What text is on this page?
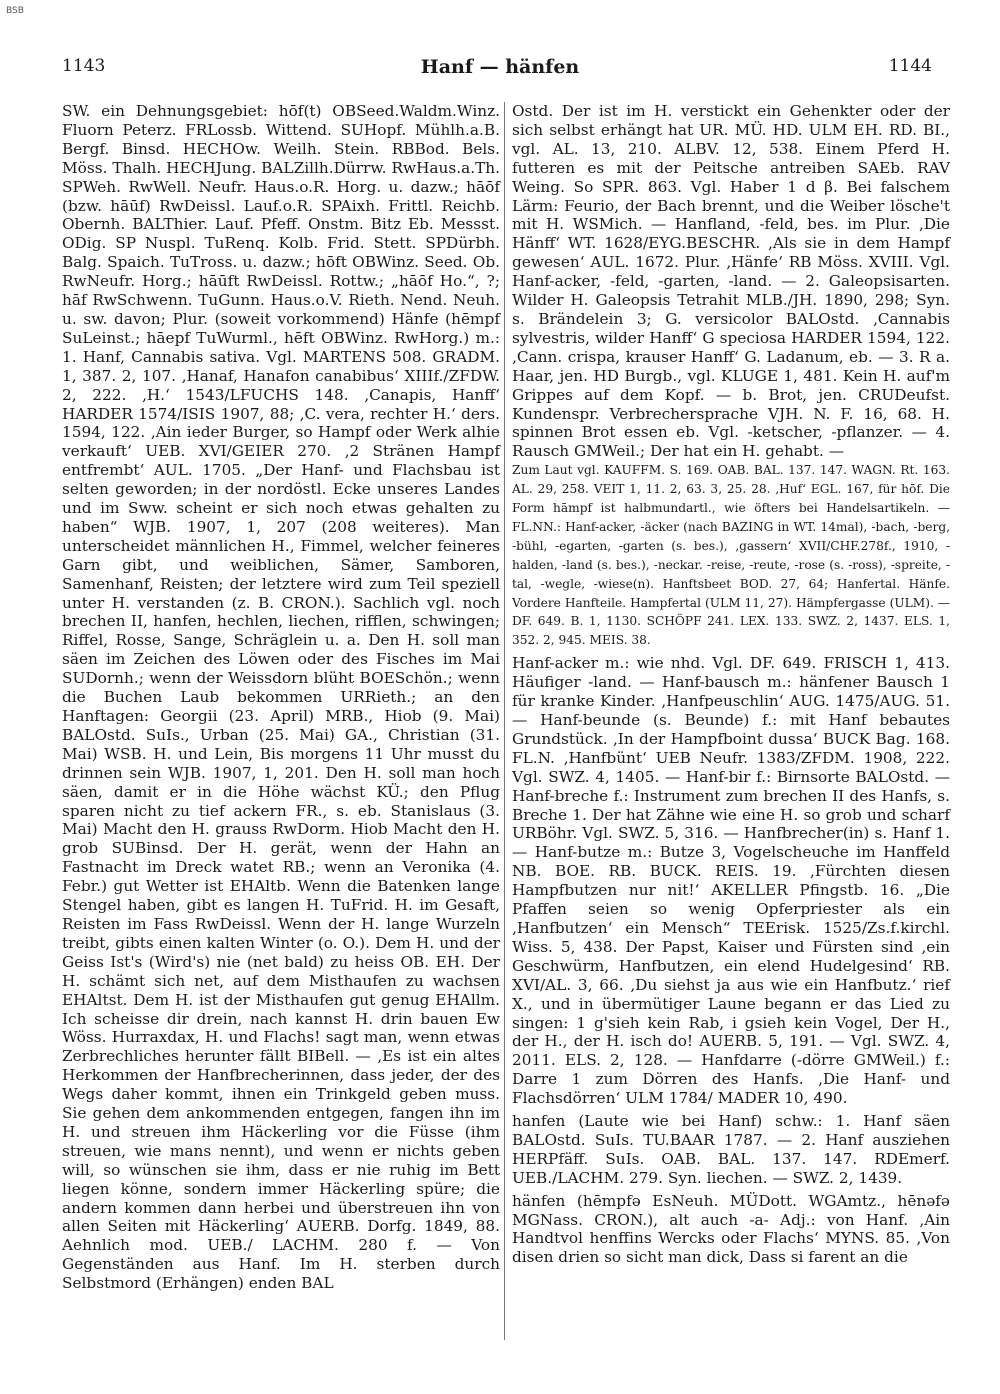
BSB
1143	Hanf — hänfen	1144

SW. ein Dehnungsgebiet: hōf(t) OBSeed.Waldm.Winz. Fluorn Peterz. FRLossb. Wittend. SUHopf. Mühlh.a.B. Bergf. Binsd. HECHOw. Weilh. Stein. RBBod. Bels. Möss. Thalh. HECHJung. BALZillh.Dürrw. RwHaus.a.Th. SPWeh. RwWell. Neufr. Haus.o.R. Horg. u. dazw.; hāōf (bzw. hāūf) RwDeissl. Lauf.o.R. SPAixh. Frittl. Reichb. Obernh. BALThier. Lauf. Pfeff. Onstm. Bitz Eb. Messst. ODig. SP Nuspl. TuRenq. Kolb. Frid. Stett. SPDürbh. Balg. Spaich. TuTross. u. dazw.; hōft OBWinz. Seed. Ob. RwNeufr. Horg.; hāūft RwDeissl. Rottw.; „hāōf Ho.“, ?; hāf RwSchwenn. TuGunn. Haus.o.V. Rieth. Nend. Neuh. u. sw. davon; Plur. (soweit vorkommend) Hänfe (hēmpf SuLeinst.; hāepf TuWurml., hēft OBWinz. RwHorg.) m.: 1. Hanf, Cannabis sativa. Vgl. MARTENS 508. GRADM. 1, 387. 2, 107. ‚Hanaf, Hanafon canabibus‘ XIIIf./ZFDW. 2, 222. ‚H.‘ 1543/LFUCHS 148. ‚Canapis, Hanff‘ HARDER 1574/ISIS 1907, 88; ‚C. vera, rechter H.‘ ders. 1594, 122. ‚Ain ieder Burger, so Hampf oder Werk alhie verkauft‘ UEB. XVI/GEIER 270. ‚2 Stränen Hampf entfrembt‘ AUL. 1705. „Der Hanf- und Flachsbau ist selten geworden; in der nordöstl. Ecke unseres Landes und im Sww. scheint er sich noch etwas gehalten zu haben“ WJB. 1907, 1, 207 (208 weiteres). Man unterscheidet männlichen H., Fimmel, welcher feineres Garn gibt, und weiblichen, Sämer, Samboren, Samenhanf, Reisten; der letztere wird zum Teil speziell unter H. verstanden (z. B. CRON.). Sachlich vgl. noch brechen II, hanfen, hechlen, liechen, rifflen, schwingen; Riffel, Rosse, Sange, Schräglein u. a. Den H. soll man säen im Zeichen des Löwen oder des Fisches im Mai SUDornh.; wenn der Weissdorn blüht BOESchön.; wenn die Buchen Laub bekommen URRieth.; an den Hanftagen: Georgii (23. April) MRB., Hiob (9. Mai) BALOstd. SuIs., Urban (25. Mai) GA., Christian (31. Mai) WSB. H. und Lein, Bis morgens 11 Uhr musst du drinnen sein WJB. 1907, 1, 201. Den H. soll man hoch säen, damit er in die Höhe wächst KÜ.; den Pflug sparen nicht zu tief ackern FR., s. eb. Stanislaus (3. Mai) Macht den H. grauss RwDorm. Hiob Macht den H. grob SUBinsd. Der H. gerät, wenn der Hahn an Fastnacht im Dreck watet RB.; wenn an Veronika (4. Febr.) gut Wetter ist EHAltb. Wenn die Batenken lange Stengel haben, gibt es langen H. TuFrid. H. im Gesaft, Reisten im Fass RwDeissl. Wenn der H. lange Wurzeln treibt, gibts einen kalten Winter (o. O.). Dem H. und der Geiss Ist's (Wird's) nie (net bald) zu heiss OB. EH. Der H. schämt sich net, auf dem Misthaufen zu wachsen EHAltst. Dem H. ist der Misthaufen gut genug EHAllm. Ich scheisse dir drein, nach kannst H. drin bauen Ew Wöss. Hurraxdax, H. und Flachs! sagt man, wenn etwas Zerbrechliches herunter fällt BIBell. — ‚Es ist ein altes Herkommen der Hanfbrecherinnen, dass jeder, der des Wegs daher kommt, ihnen ein Trinkgeld geben muss. Sie gehen dem ankommenden entgegen, fangen ihn im H. und streuen ihm Häckerling vor die Füsse (ihm streuen, wie mans nennt), und wenn er nichts geben will, so wünschen sie ihm, dass er nie ruhig im Bett liegen könne, sondern immer Häckerling spüre; die andern kommen dann herbei und überstreuen ihn von allen Seiten mit Häckerling‘ AUERB. Dorfg. 1849, 88. Aehnlich mod. UEB./ LACHM. 280 f. — Von Gegenständen aus Hanf. Im H. sterben durch Selbstmord (Erhängen) enden BAL

Ostd. Der ist im H. verstickt ein Gehenkter oder der sich selbst erhängt hat UR. MÜ. HD. ULM EH. RD. BI., vgl. AL. 13, 210. ALBV. 12, 538. Einem Pferd H. futteren es mit der Peitsche antreiben SAEb. RAV Weing. So SPR. 863. Vgl. Haber 1 d β. Bei falschem Lärm: Feurio, der Bach brennt, und die Weiber lösche't mit H. WSMich. — Hanfland, -feld, bes. im Plur. ‚Die Hänff‘ WT. 1628/EYG.BESCHR. ‚Als sie in dem Hampf gewesen‘ AUL. 1672. Plur. ‚Hänfe‘ RB Möss. XVIII. Vgl. Hanf-acker, -feld, -garten, -land. — 2. Galeopsisarten. Wilder H. Galeopsis Tetrahit MLB./JH. 1890, 298; Syn. s. Brändelein 3; G. versicolor BALOstd. ‚Cannabis sylvestris, wilder Hanff‘ G speciosa HARDER 1594, 122. ‚Cann. crispa, krauser Hanff‘ G. Ladanum, eb. — 3. R a. Haar, jen. HD Burgb., vgl. KLUGE 1, 481. Kein H. auf'm Grippes auf dem Kopf. — b. Brot, jen. CRUDeufst. Kundenspr. Verbrechersprache VJH. N. F. 16, 68. H. spinnen Brot essen eb. Vgl. -ketscher, -pflanzer. — 4. Rausch GMWeil.; Der hat ein H. gehabt. —

Zum Laut vgl. KAUFFM. S. 169. OAB. BAL. 137. 147. WAGN. Rt. 163. AL. 29, 258. VEIT 1, 11. 2, 63. 3, 25. 28. ‚Huf‘ EGL. 167, für hōf. Die Form hāmpf ist halbmundartl., wie öfters bei Handelsartikeln. — FL.NN.: Hanf-acker, -äcker (nach BAZING in WT. 14mal), -bach, -berg, -bühl, -egarten, -garten (s. bes.), ‚gassern‘ XVII/CHF.278f., 1910, -halden, -land (s. bes.), -neckar. -reise, -reute, -rose (s. -ross), -spreite, -tal, -wegle, -wiese(n). Hanftsbeet BOD. 27, 64; Hanfertal. Hänfe. Vordere Hanfteile. Hampfertal (ULM 11, 27). Hämpfergasse (ULM). — DF. 649. B. 1, 1130. SCHÖPF 241. LEX. 133. SWZ. 2, 1437. ELS. 1, 352. 2, 945. MEIS. 38.

Hanf-acker m.: wie nhd. Vgl. DF. 649. FRISCH 1, 413. Häufiger -land. — Hanf-bausch m.: hänfener Bausch 1 für kranke Kinder. ‚Hanfpeuschlin‘ AUG. 1475/AUG. 51. — Hanf-beunde (s. Beunde) f.: mit Hanf bebautes Grundstück. ‚In der Hampfboint dussa‘ BUCK Bag. 168. FL.N. ‚Hanfbünt‘ UEB Neufr. 1383/ZFDM. 1908, 222. Vgl. SWZ. 4, 1405. — Hanf-bir f.: Birnsorte BALOstd. — Hanf-breche f.: Instrument zum brechen II des Hanfs, s. Breche 1. Der hat Zähne wie eine H. so grob und scharf URBöhr. Vgl. SWZ. 5, 316. — Hanfbrecher(in) s. Hanf 1. — Hanf-butze m.: Butze 3, Vogelscheuche im Hanffeld NB. BOE. RB. BUCK. REIS. 19. ‚Fürchten diesen Hampfbutzen nur nit!‘ AKELLER Pfingstb. 16. „Die Pfaffen seien so wenig Opferpriester als ein ‚Hanfbutzen‘ ein Mensch“ TEErisk. 1525/Zs.f.kirchl. Wiss. 5, 438. Der Papst, Kaiser und Fürsten sind ‚ein Geschwürm, Hanfbutzen, ein elend Hudelgesind‘ RB. XVI/AL. 3, 66. ‚Du siehst ja aus wie ein Hanfbutz.‘ rief X., und in übermütiger Laune begann er das Lied zu singen: 1 g'sieh kein Rab, i gsieh kein Vogel, Der H., der H., der H. isch do! AUERB. 5, 191. — Vgl. SWZ. 4, 2011. ELS. 2, 128. — Hanfdarre (-dörre GMWeil.) f.: Darre 1 zum Dörren des Hanfs. ‚Die Hanf- und Flachsdörren‘ ULM 1784/ MADER 10, 490.

hanfen (Laute wie bei Hanf) schw.: 1. Hanf säen BALOstd. SuIs. TU.BAAR 1787. — 2. Hanf ausziehen HERPfäff. SuIs. OAB. BAL. 137. 147. RDEmerf. UEB./LACHM. 279. Syn. liechen. — SWZ. 2, 1439.

hänfen (hēmpfə EsNeuh. MÜDott. WGAmtz., hēnəfə MGNass. CRON.), alt auch -a- Adj.: von Hanf. ‚Ain Handtvol henffins Wercks oder Flachs‘ MYNS. 85. ‚Von disen drien so sicht man dick, Dass si farent an die
